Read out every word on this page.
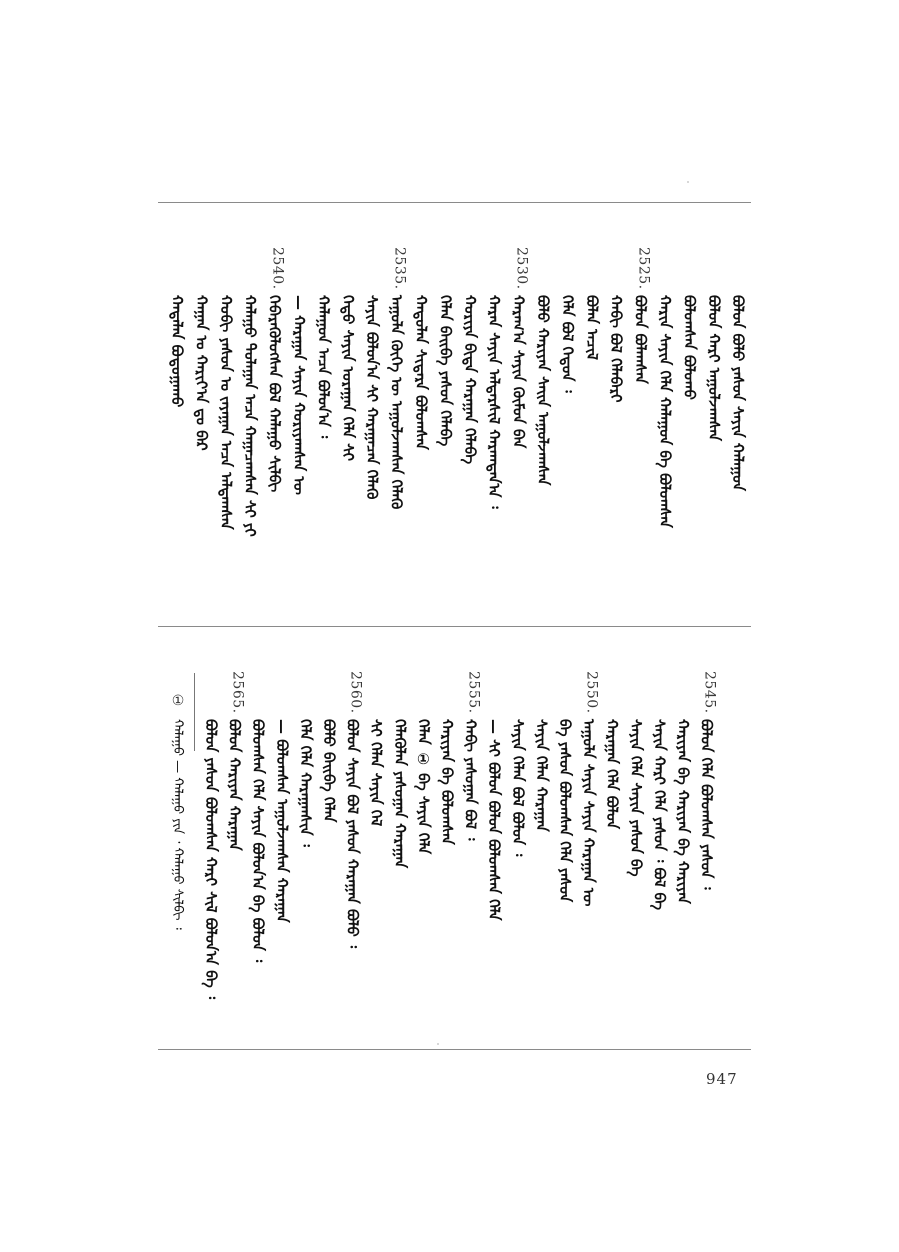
ᠬᠠᠳᠠᠯᠠᠨ ᠪᠣᠳᠣᠭᠠᠬᠤ ᠬᠠᠭᠠᠨ ᠤ ᠬᠠᠷᠢᠶ᠎ᠠ ᠳᠤ ᠪᠡᠷ ᠬᠤᠪᠢ ᠶᠠᠰᠤᠨ ᠤ ᠵᠠᠶᠠᠭᠠᠨ ᠠᠴᠠ ᠠᠯᠳᠠᠭᠰᠠᠨ ᠬᠠᠯᠠᠭᠤ ᠳᠤᠯᠠᠭᠠᠨ ᠠᠴᠠ ᠬᠠᠭᠠᠴᠠᠭᠰᠠᠨ ᠰᠢ ᠶᠢ
2540.
ᠬᠡᠪᠡᠷᠡᠭᠦᠯᠦᠭᠰᠡᠨ ᠪᠤᠯ ᠬᠠᠯᠠᠭᠤ ᠰᠢᠯᠪᠢ — ᠬᠠᠷᠠᠭᠠᠨ ᠰᠠᠶᠢᠨ ᠬᠤᠷᠢᠶᠠᠭᠰᠠᠨ ᠦ ᠬᠠᠯᠠᠭᠤᠨ ᠠᠴᠠ ᠪᠣᠯᠤᠨ᠎ᠠ ᠄ ᠬᠡᠳᠦ ᠰᠠᠶᠢᠨ ᠤᠷᠠᠭᠠᠨ ᠬᠡᠯᠡ ᠰᠢ ᠰᠠᠶᠢᠨ ᠪᠣᠯᠣᠨ᠎ᠠ ᠰᠢ ᠬᠠᠷᠠᠭᠠᠴᠠᠨ ᠬᠡᠯᠡᠬᠦ
2535.
ᠠᠭᠤᠯᠠ ᠬᠦᠬᠡ ᠦ ᠠᠭᠤᠯᠵᠠᠭᠰᠠᠨ ᠬᠡᠯᠡᠬᠦ ᠬᠠᠳᠤᠯᠠᠨ ᠰᠢᠳᠠᠷᠠ ᠪᠣᠯᠤᠭᠰᠠᠨ ᠬᠡᠯᠡᠨ ᠪᠠᠢᠪᠠ ᠶᠠᠰᠤᠨ ᠬᠡᠯᠡᠪᠡ ᠬᠤᠷᠢᠶᠠ ᠪᠢᠳᠠ ᠬᠠᠷᠠᠭᠠᠨ ᠬᠡᠯᠡᠪᠡ ᠬᠠᠷᠠᠨ ᠰᠠᠶᠢᠨ ᠠᠯᠳᠠᠷᠰᠢᠯ ᠬᠠᠷᠠᠭᠳᠠᠨ᠎ᠠ ᠄
2530.
ᠬᠠᠷᠠᠭ᠎ᠠ ᠰᠠᠶᠢᠨ ᠬᠦᠮᠦᠨ ᠪᠠᠨ ᠪᠣᠯᠤ ᠬᠠᠷᠢᠶᠠᠨ ᠰᠠᠢᠨ ᠠᠭᠤᠯᠵᠠᠭᠰᠠᠨ ᠬᠡᠯᠡ ᠪᠣᠯ ᠬᠡᠳᠦᠨ ᠄ ᠪᠣᠯᠠᠨ ᠠᠴᠢᠯ ᠬᠠᠪᠢ ᠪᠤᠯ ᠬᠡᠯᠡᠪᠡᠷᠢ
2525.
ᠪᠣᠯᠣᠨ ᠪᠣᠯᠠᠭᠰᠠᠨ ᠬᠠᠷᠢᠨ ᠰᠠᠶᠢᠨ ᠬᠡᠯᠡ ᠬᠠᠯᠠᠭᠤᠨ ᠪᠠ ᠪᠣᠯᠣᠭᠰᠠᠨ ᠪᠣᠯᠤᠭᠰᠠᠨ ᠪᠣᠯᠤᠬᠤ ᠪᠣᠯᠤᠨ ᠬᠠᠷᠢ ᠠᠭᠤᠯᠵᠠᠭᠰᠠᠨ ᠪᠣᠯᠤᠨ ᠪᠣᠯᠤ ᠶᠠᠰᠤᠨ ᠰᠠᠶᠢᠨ ᠬᠠᠯᠠᠭᠤᠨ
①
ᠬᠠᠯᠠᠭᠤ — ᠬᠠᠯᠠᠭᠤ ᠶᠢᠨ ᠂ ᠬᠠᠯᠠᠭᠤ ᠰᠢᠯᠪᠢ ᠄ ᠪᠣᠯᠤᠨ ᠶᠠᠰᠤᠨ ᠪᠣᠯᠤᠭᠰᠠᠨ ᠬᠠᠷᠢ ᠰᠢᠯ ᠪᠣᠯᠤᠨ᠎ᠠ ᠪᠠ ᠄
2565.
ᠪᠣᠯᠤᠨ ᠬᠠᠷᠢᠶᠠᠨ ᠬᠠᠷᠠᠭᠠᠨ ᠪᠣᠯᠤᠭᠰᠠᠨ ᠬᠡᠯᠡ ᠰᠠᠶᠢᠨ ᠪᠣᠯᠤᠨ᠎ᠠ ᠪᠠ ᠪᠣᠯᠤᠨ ᠄ — ᠪᠣᠯᠤᠭᠰᠠᠨ ᠠᠭᠤᠯᠵᠠᠭᠰᠠᠨ ᠬᠠᠷᠠᠭᠠᠨ ᠬᠡᠯᠡ ᠬᠡᠯᠡ ᠬᠠᠷᠠᠭᠠᠨᠰᠢᠨ ᠄ ᠪᠣᠯᠤ ᠪᠠᠢᠪᠠ ᠬᠡᠯᠡᠨ
2560.
ᠪᠣᠯᠤᠨ ᠰᠠᠶᠢᠨ ᠪᠣᠯ ᠶᠠᠰᠤᠨ ᠬᠠᠷᠠᠭᠠᠨ ᠪᠣᠯᠤ ᠄ ᠰᠢ ᠬᠡᠯᠡᠨ ᠰᠠᠶᠢᠨ ᠬᠡᠯ ᠬᠡᠯᠡᠬᠦᠯᠡᠨ ᠶᠠᠰᠤᠭᠠᠨ ᠬᠠᠷᠠᠭᠠᠨ ᠬᠡᠯᠡᠨ ① ᠪᠠ ᠰᠠᠶᠢᠨ ᠬᠡᠯᠡ ᠬᠠᠷᠢᠶᠠᠨ ᠪᠠ ᠪᠣᠯᠤᠭᠰᠠᠨ
2555.
ᠬᠠᠪᠢ ᠶᠠᠰᠤᠭᠠᠨ ᠪᠣᠯ ᠄ — ᠰᠢ ᠪᠣᠯᠤᠨ ᠪᠣᠯᠤᠨ ᠪᠣᠯᠤᠭᠰᠠᠨ ᠬᠡᠯᠡ ᠰᠠᠶᠢᠨ ᠬᠡᠯᠡᠨ ᠪᠣᠯ ᠪᠣᠯᠤᠨ ᠄ ᠰᠠᠶᠢᠨ ᠬᠡᠯᠡᠨ ᠬᠠᠷᠠᠭᠠᠨ ᠪᠠ ᠶᠠᠰᠤᠨ ᠪᠣᠯᠤᠭᠰᠠᠨ ᠬᠡᠯᠡ ᠶᠠᠰᠤᠨ
2550.
ᠠᠭᠤᠯᠠ ᠰᠠᠶᠢᠨ ᠰᠠᠶᠢᠨ ᠬᠠᠷᠠᠭᠠᠨ ᠦ ᠬᠠᠷᠠᠭᠠᠨ ᠬᠡᠯᠡ ᠪᠣᠯᠤᠨ ᠰᠠᠶᠢᠨ ᠬᠡᠯᠡ ᠰᠠᠶᠢᠨ ᠶᠠᠰᠤᠨ ᠪᠠ ᠰᠠᠶᠢᠨ ᠬᠠᠷᠢ ᠬᠡᠯᠡ ᠶᠠᠰᠤᠨ ᠄ ᠪᠣᠯ ᠪᠠ ᠬᠠᠷᠢᠶᠠᠨ ᠪᠠ ᠬᠠᠷᠢᠶᠠᠨ ᠪᠠ ᠬᠠᠷᠢᠶᠠᠨ
2545.
ᠪᠣᠯᠤᠨ ᠬᠡᠯᠡ ᠪᠣᠯᠤᠭᠰᠠᠨ ᠶᠠᠰᠤᠨ ᠄
947
